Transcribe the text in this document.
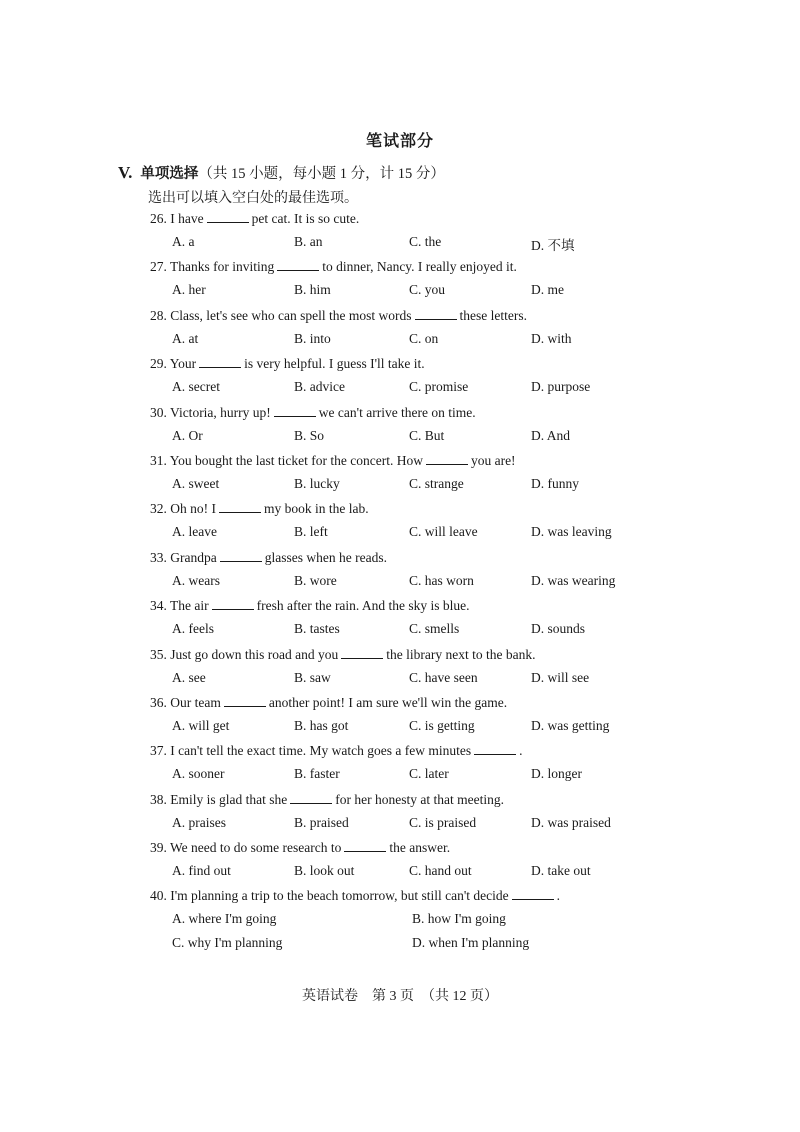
笔试部分
V. 单项选择（共 15 小题，每小题 1 分，计 15 分）
选出可以填入空白处的最佳选项。
26. I have	pet cat. It is so cute.
A. a	B. an	C. the	D. 不填
27. Thanks for inviting	to dinner, Nancy. I really enjoyed it.
A. her	B. him	C. you	D. me
28. Class, let's see who can spell the most words	these letters.
A. at	B. into	C. on	D. with
29. Your	is very helpful. I guess I'll take it.
A. secret	B. advice	C. promise	D. purpose
30. Victoria, hurry up!	we can't arrive there on time.
A. Or	B. So	C. But	D. And
31. You bought the last ticket for the concert. How	you are!
A. sweet	B. lucky	C. strange	D. funny
32. Oh no! I	my book in the lab.
A. leave	B. left	C. will leave	D. was leaving
33. Grandpa	glasses when he reads.
A. wears	B. wore	C. has worn	D. was wearing
34. The air	fresh after the rain. And the sky is blue.
A. feels	B. tastes	C. smells	D. sounds
35. Just go down this road and you	the library next to the bank.
A. see	B. saw	C. have seen	D. will see
36. Our team	another point! I am sure we'll win the game.
A. will get	B. has got	C. is getting	D. was getting
37. I can't tell the exact time. My watch goes a few minutes	.
A. sooner	B. faster	C. later	D. longer
38. Emily is glad that she	for her honesty at that meeting.
A. praises	B. praised	C. is praised	D. was praised
39. We need to do some research to	the answer.
A. find out	B. look out	C. hand out	D. take out
40. I'm planning a trip to the beach tomorrow, but still can't decide	.
A. where I'm going	B. how I'm going
C. why I'm planning	D. when I'm planning
英语试卷　第 3 页　（共 12 页）
